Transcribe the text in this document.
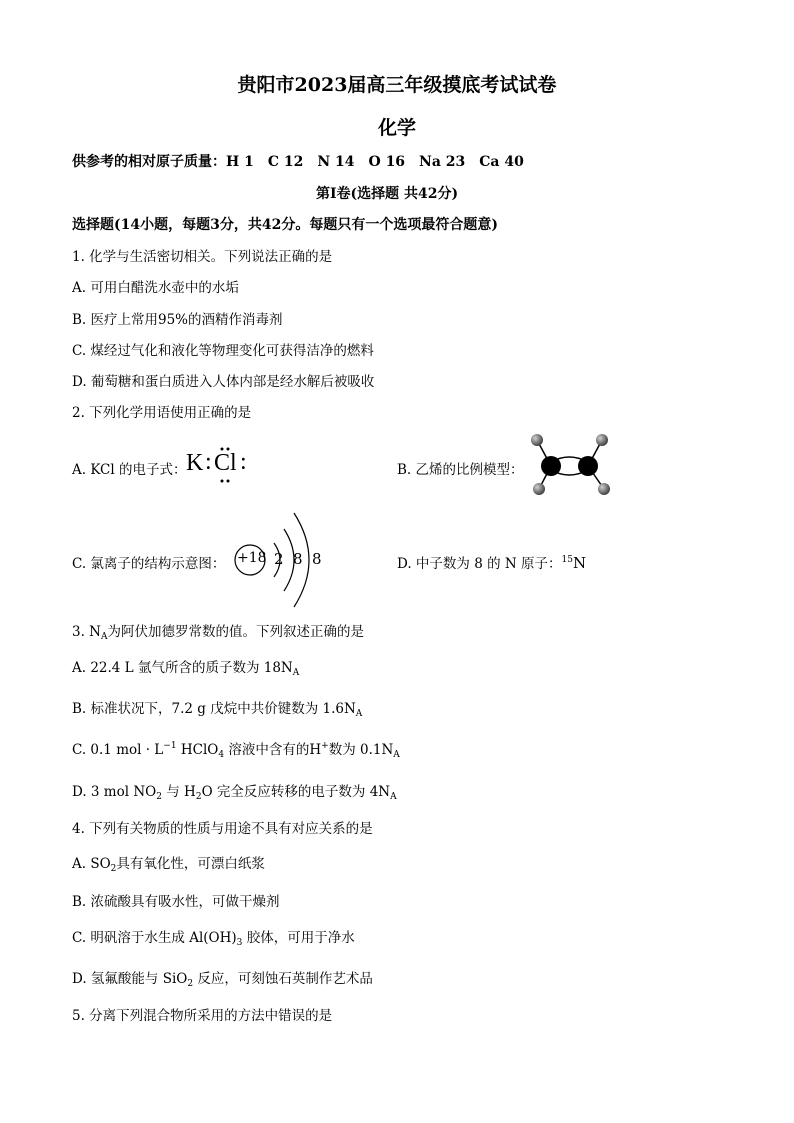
贵阳市2023届高三年级摸底考试试卷
化学
供参考的相对原子质量：H 1　C 12　N 14　O 16　Na 23　Ca 40
第Ⅰ卷(选择题 共42分)
选择题(14小题，每题3分，共42分。每题只有一个选项最符合题意)
1. 化学与生活密切相关。下列说法正确的是
A. 可用白醋洗水壶中的水垢
B. 医疗上常用95%的酒精作消毒剂
C. 煤经过气化和液化等物理变化可获得洁净的燃料
D. 葡萄糖和蛋白质进入人体内部是经水解后被吸收
2. 下列化学用语使用正确的是
A. KCl 的电子式： K : Cl :	B. 乙烯的比例模型：
C. 氯离子的结构示意图： +18 2 8 8	D. 中子数为 8 的 N 原子：$^{15}$N
3. $N_A$为阿伏加德罗常数的值。下列叙述正确的是
A. 22.4 L 氩气所含的质子数为 $18N_A$
B. 标准状况下，7.2 g 戊烷中共价键数为 $1.6N_A$
C. 0.1 mol · $L^{-1}$ HClO$_4$ 溶液中含有的H+数为 $0.1N_A$
D. 3 mol $NO_2$ 与 $H_2O$ 完全反应转移的电子数为 $4N_A$
4. 下列有关物质的性质与用途不具有对应关系的是
A. $SO_2$具有氧化性，可漂白纸浆
B. 浓硫酸具有吸水性，可做干燥剂
C. 明矾溶于水生成 $Al(OH)_3$ 胶体，可用于净水
D. 氢氟酸能与 SiO$_2$ 反应，可刻蚀石英制作艺术品
5. 分离下列混合物所采用的方法中错误的是
